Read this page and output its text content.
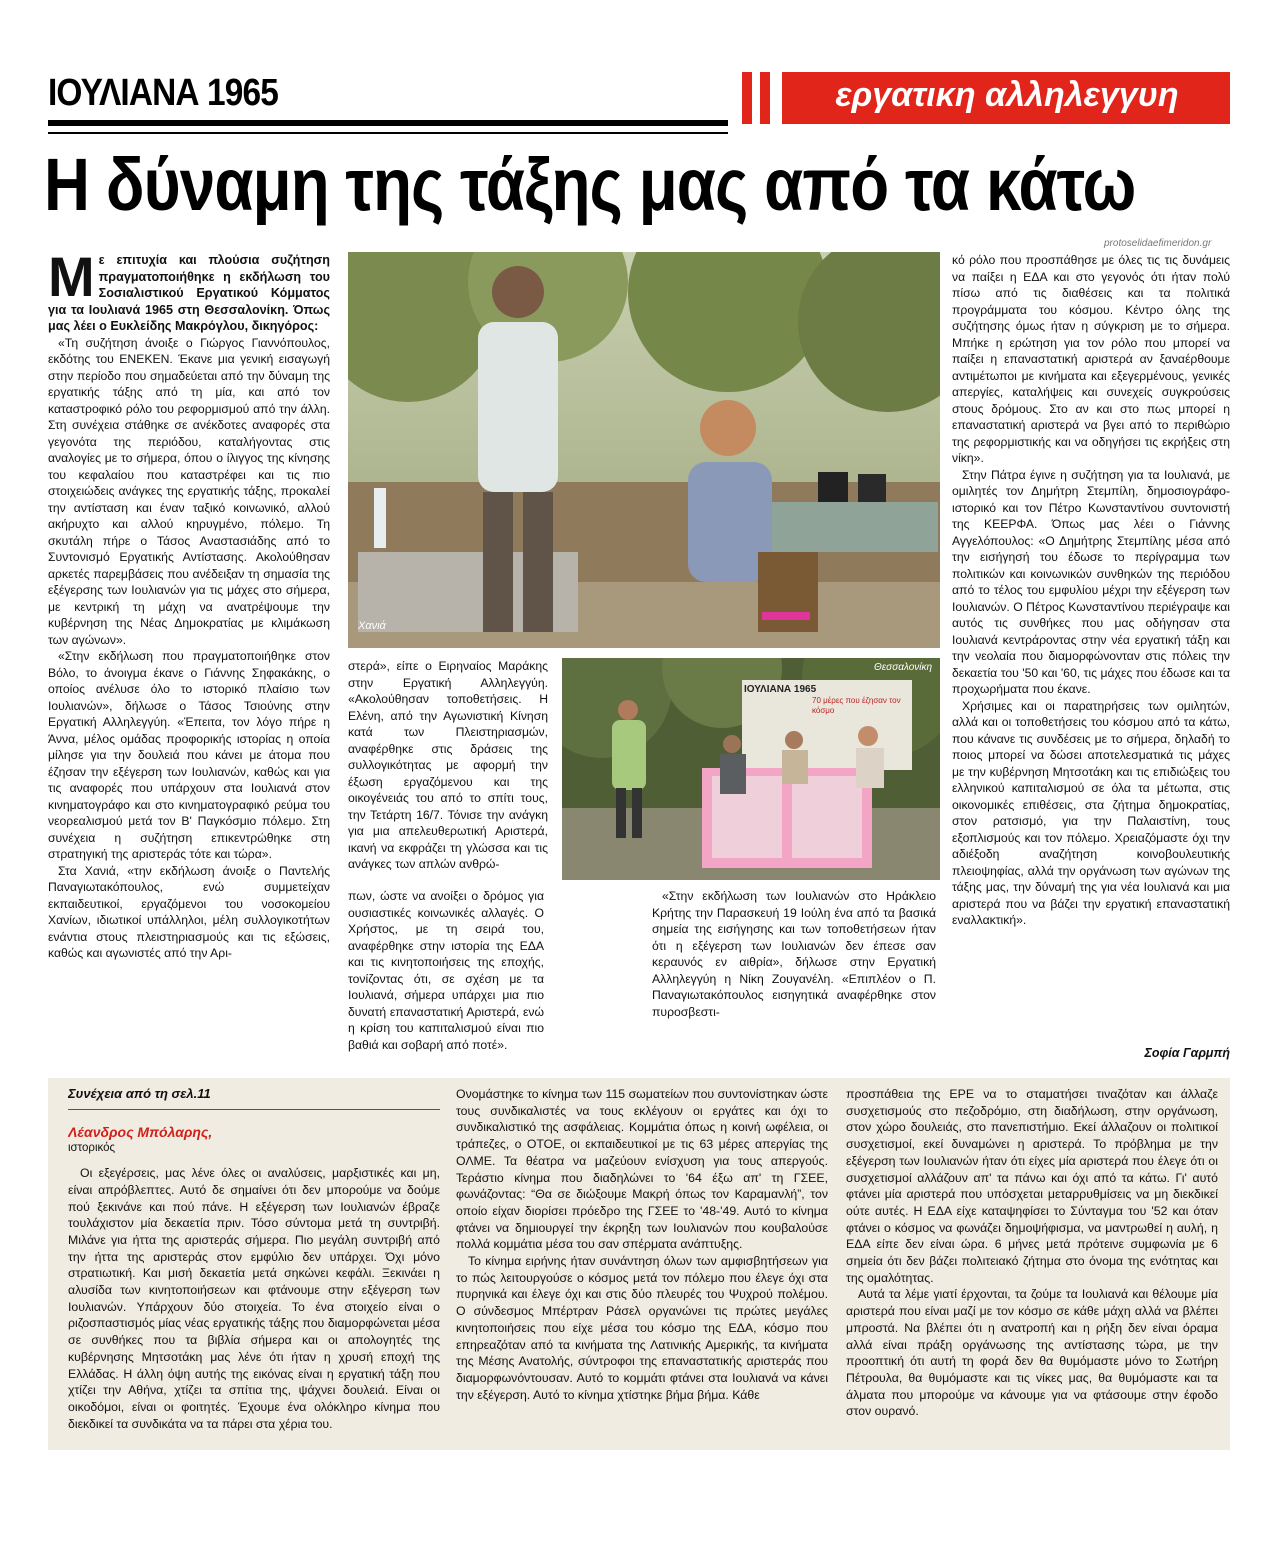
ΙΟΥΛΙΑΝΑ 1965	εργατικη αλληλεγγυη
Η δύναμη της τάξης μας από τα κάτω
protoselidaefimeridon.gr
Με επιτυχία και πλούσια συζήτηση πραγματοποιήθηκε η εκδήλωση του Σοσιαλιστικού Εργατικού Κόμματος για τα Ιουλιανά 1965 στη Θεσσαλονίκη. Όπως μας λέει ο Ευκλείδης Μακρόγλου, δικηγόρος:

«Τη συζήτηση άνοιξε ο Γιώργος Γιαννόπουλος, εκδότης του ΕΝΕΚΕΝ. Έκανε μια γενική εισαγωγή στην περίοδο που σημαδεύεται από την δύναμη της εργατικής τάξης από τη μία, και από τον καταστροφικό ρόλο του ρεφορμισμού από την άλλη. Στη συνέχεια στάθηκε σε ανέκδοτες αναφορές στα γεγονότα της περιόδου, καταλήγοντας στις αναλογίες με το σήμερα, όπου ο ίλιγγος της κίνησης του κεφαλαίου που καταστρέφει και τις πιο στοιχειώδεις ανάγκες της εργατικής τάξης, προκαλεί την αντίσταση και έναν ταξικό κοινωνικό, αλλού ακήρυχτο και αλλού κηρυγμένο, πόλεμο. Τη σκυτάλη πήρε ο Τάσος Αναστασιάδης από το Συντονισμό Εργατικής Αντίστασης. Ακολούθησαν αρκετές παρεμβάσεις που ανέδειξαν τη σημασία της εξέγερσης των Ιουλιανών για τις μάχες στο σήμερα, με κεντρική τη μάχη να ανατρέψουμε την κυβέρνηση της Νέας Δημοκρατίας με κλιμάκωση των αγώνων».

«Στην εκδήλωση που πραγματοποιήθηκε στον Βόλο, το άνοιγμα έκανε ο Γιάννης Σηφακάκης, ο οποίος ανέλυσε όλο το ιστορικό πλαίσιο των Ιουλιανών», δήλωσε ο Τάσος Τσιούνης στην Εργατική Αλληλεγγύη. «Έπειτα, τον λόγο πήρε η Άννα, μέλος ομάδας προφορικής ιστορίας η οποία μίλησε για την δουλειά που κάνει με άτομα που έζησαν την εξέγερση των Ιουλιανών, καθώς και για τις αναφορές που υπάρχουν στα Ιουλιανά στον κινηματογράφο και στο κινηματογραφικό ρεύμα του νεορεαλισμού μετά τον Β' Παγκόσμιο πόλεμο. Στη συνέχεια η συζήτηση επικεντρώθηκε στη στρατηγική της αριστεράς τότε και τώρα».

Στα Χανιά, «την εκδήλωση άνοιξε ο Παντελής Παναγιωτακόπουλος, ενώ συμμετείχαν εκπαιδευτικοί, εργαζόμενοι του νοσοκομείου Χανίων, ιδιωτικοί υπάλληλοι, μέλη συλλογικοτήτων ενάντια στους πλειστηριασμούς και τις εξώσεις, καθώς και αγωνιστές από την Αρι-

Χανιά

στερά», είπε ο Ειρηναίος Μαράκης στην Εργατική Αλληλεγγύη. «Ακολούθησαν τοποθετήσεις. Η Ελένη, από την Αγωνιστική Κίνηση κατά των Πλειστηριασμών, αναφέρθηκε στις δράσεις της συλλογικότητας με αφορμή την έξωση εργαζόμενου και της οικογένειάς του από το σπίτι τους, την Τετάρτη 16/7. Τόνισε την ανάγκη για μια απελευθερωτική Αριστερά, ικανή να εκφράζει τη γλώσσα και τις ανάγκες των απλών ανθρώ-

πων, ώστε να ανοίξει ο δρόμος για ουσιαστικές κοινωνικές αλλαγές. Ο Χρήστος, με τη σειρά του, αναφέρθηκε στην ιστορία της ΕΔΑ και τις κινητοποιήσεις της εποχής, τονίζοντας ότι, σε σχέση με τα Ιουλιανά, σήμερα υπάρχει μια πιο δυνατή επαναστατική Αριστερά, ενώ η κρίση του καπιταλισμού είναι πιο βαθιά και σοβαρή από ποτέ».

ΙΟΥΛΙΑΝΑ 1965
70 μέρες που έζησαν τον κόσμο
Θεσσαλονίκη

«Στην εκδήλωση των Ιουλιανών στο Ηράκλειο Κρήτης την Παρασκευή 19 Ιούλη ένα από τα βασικά σημεία της εισήγησης και των τοποθετήσεων ήταν ότι η εξέγερση των Ιουλιανών δεν έπεσε σαν κεραυνός εν αιθρία», δήλωσε στην Εργατική Αλληλεγγύη η Νίκη Ζουγανέλη. «Επιπλέον ο Π. Παναγιωτακόπουλος εισηγητικά αναφέρθηκε στον πυροσβεστι-

κό ρόλο που προσπάθησε με όλες τις τις δυνάμεις να παίξει η ΕΔΑ και στο γεγονός ότι ήταν πολύ πίσω από τις διαθέσεις και τα πολιτικά προγράμματα του κόσμου. Κέντρο όλης της συζήτησης όμως ήταν η σύγκριση με το σήμερα. Μπήκε η ερώτηση για τον ρόλο που μπορεί να παίξει η επαναστατική αριστερά αν ξαναέρθουμε αντιμέτωποι με κινήματα και εξεγερμένους, γενικές απεργίες, καταλήψεις και συνεχείς συγκρούσεις στους δρόμους. Στο αν και στο πως μπορεί η επαναστατική αριστερά να βγει από το περιθώριο της ρεφορμιστικής και να οδηγήσει τις εκρήξεις στη νίκη».

Στην Πάτρα έγινε η συζήτηση για τα Ιουλιανά, με ομιλητές τον Δημήτρη Στεμπίλη, δημοσιογράφο- ιστορικό και τον Πέτρο Κωνσταντίνου συντονιστή της ΚΕΕΡΦΑ. Όπως μας λέει ο Γιάννης Αγγελόπουλος: «Ο Δημήτρης Στεμπίλης μέσα από την εισήγησή του έδωσε το περίγραμμα των πολιτικών και κοινωνικών συνθηκών της περιόδου από το τέλος του εμφυλίου μέχρι την εξέγερση των Ιουλιανών. Ο Πέτρος Κωνσταντίνου περιέγραψε και αυτός τις συνθήκες που μας οδήγησαν στα Ιουλιανά κεντράροντας στην νέα εργατική τάξη και την νεολαία που διαμορφώνονταν στις πόλεις την δεκαετία του '50 και '60, τις μάχες που έδωσε και τα προχωρήματα που έκανε.

Χρήσιμες και οι παρατηρήσεις των ομιλητών, αλλά και οι τοποθετήσεις του κόσμου από τα κάτω, που κάνανε τις συνδέσεις με το σήμερα, δηλαδή το ποιος μπορεί να δώσει αποτελεσματικά τις μάχες με την κυβέρνηση Μητσοτάκη και τις επιδιώξεις του ελληνικού καπιταλισμού σε όλα τα μέτωπα, στις οικονομικές επιθέσεις, στα ζήτημα δημοκρατίας, στον ρατσισμό, για την Παλαιστίνη, τους εξοπλισμούς και τον πόλεμο. Χρειαζόμαστε όχι την αδιέξοδη αναζήτηση κοινοβουλευτικής πλειοψηφίας, αλλά την οργάνωση των αγώνων της τάξης μας, την δύναμή της για νέα Ιουλιανά και μια αριστερά που να βάζει την εργατική επαναστατική εναλλακτική».

Σοφία Γαρμπή
Συνέχεια από τη σελ.11
Λέανδρος Μπόλαρης,
ιστορικός

Οι εξεγέρσεις, μας λένε όλες οι αναλύσεις, μαρξιστικές και μη, είναι απρόβλεπτες. Αυτό δε σημαίνει ότι δεν μπορούμε να δούμε πού ξεκινάνε και πού πάνε. Η εξέγερση των Ιουλιανών έβραζε τουλάχιστον μία δεκαετία πριν. Τόσο σύντομα μετά τη συντριβή. Μιλάνε για ήττα της αριστεράς σήμερα. Πιο μεγάλη συντριβή από την ήττα της αριστεράς στον εμφύλιο δεν υπάρχει. Όχι μόνο στρατιωτική. Και μισή δεκαετία μετά σηκώνει κεφάλι. Ξεκινάει η αλυσίδα των κινητοποιήσεων και φτάνουμε στην εξέγερση των Ιουλιανών. Υπάρχουν δύο στοιχεία. Το ένα στοιχείο είναι ο ριζοσπαστισμός μίας νέας εργατικής τάξης που διαμορφώνεται μέσα σε συνθήκες που τα βιβλία σήμερα και οι απολογητές της κυβέρνησης Μητσοτάκη μας λένε ότι ήταν η χρυσή εποχή της Ελλάδας. Η άλλη όψη αυτής της εικόνας είναι η εργατική τάξη που χτίζει την Αθήνα, χτίζει τα σπίτια της, ψάχνει δουλειά. Είναι οι οικοδόμοι, είναι οι φοιτητές. Έχουμε ένα ολόκληρο κίνημα που διεκδικεί τα συνδικάτα να τα πάρει στα χέρια του.

Ονομάστηκε το κίνημα των 115 σωματείων που συντονίστηκαν ώστε τους συνδικαλιστές να τους εκλέγουν οι εργάτες και όχι το συνδικαλιστικό της ασφάλειας. Κομμάτια όπως η κοινή ωφέλεια, οι τράπεζες, ο ΟΤΟΕ, οι εκπαιδευτικοί με τις 63 μέρες απεργίας της ΟΛΜΕ. Τα θέατρα να μαζεύουν ενίσχυση για τους απεργούς. Τεράστιο κίνημα που διαδηλώνει το '64 έξω απ' τη ΓΣΕΕ, φωνάζοντας: “Θα σε διώξουμε Μακρή όπως τον Καραμανλή”, τον οποίο είχαν διορίσει πρόεδρο της ΓΣΕΕ το '48-'49. Αυτό το κίνημα φτάνει να δημιουργεί την έκρηξη των Ιουλιανών που κουβαλούσε πολλά κομμάτια μέσα του σαν σπέρματα ανάπτυξης.

Το κίνημα ειρήνης ήταν συνάντηση όλων των αμφισβητήσεων για το πώς λειτουργούσε ο κόσμος μετά τον πόλεμο που έλεγε όχι στα πυρηνικά και έλεγε όχι και στις δύο πλευρές του Ψυχρού πολέμου. Ο σύνδεσμος Μπέρτραν Ράσελ οργανώνει τις πρώτες μεγάλες κινητοποιήσεις που είχε μέσα του κόσμο της ΕΔΑ, κόσμο που επηρεαζόταν από τα κινήματα της Λατινικής Αμερικής, τα κινήματα της Μέσης Ανατολής, σύντροφοι της επαναστατικής αριστεράς που διαμορφωνόντουσαν. Αυτό το κομμάτι φτάνει στα Ιουλιανά να κάνει την εξέγερση. Αυτό το κίνημα χτίστηκε βήμα βήμα. Κάθε

προσπάθεια της ΕΡΕ να το σταματήσει τιναζόταν και άλλαζε συσχετισμούς στο πεζοδρόμιο, στη διαδήλωση, στην οργάνωση, στον χώρο δουλειάς, στο πανεπιστήμιο. Εκεί άλλαζουν οι πολιτικοί συσχετισμοί, εκεί δυναμώνει η αριστερά. Το πρόβλημα με την εξέγερση των Ιουλιανών ήταν ότι είχες μία αριστερά που έλεγε ότι οι συσχετισμοί αλλάζουν απ' τα πάνω και όχι από τα κάτω. Γι' αυτό φτάνει μία αριστερά που υπόσχεται μεταρρυθμίσεις να μη διεκδικεί ούτε αυτές. Η ΕΔΑ είχε καταψηφίσει το Σύνταγμα του '52 και όταν φτάνει ο κόσμος να φωνάζει δημοψήφισμα, να μαντρωθεί η αυλή, η ΕΔΑ είπε δεν είναι ώρα. 6 μήνες μετά πρότεινε συμφωνία με 6 σημεία ότι δεν βάζει πολιτειακό ζήτημα στο όνομα της ενότητας και της ομαλότητας.

Αυτά τα λέμε γιατί έρχονται, τα ζούμε τα Ιουλιανά και θέλουμε μία αριστερά που είναι μαζί με τον κόσμο σε κάθε μάχη αλλά να βλέπει μπροστά. Να βλέπει ότι η ανατροπή και η ρήξη δεν είναι όραμα αλλά είναι πράξη οργάνωσης της αντίστασης τώρα, με την προοπτική ότι αυτή τη φορά δεν θα θυμόμαστε μόνο το Σωτήρη Πέτρουλα, θα θυμόμαστε και τις νίκες μας, θα θυμόμαστε και τα άλματα που μπορούμε να κάνουμε για να φτάσουμε στην έφοδο στον ουρανό.
